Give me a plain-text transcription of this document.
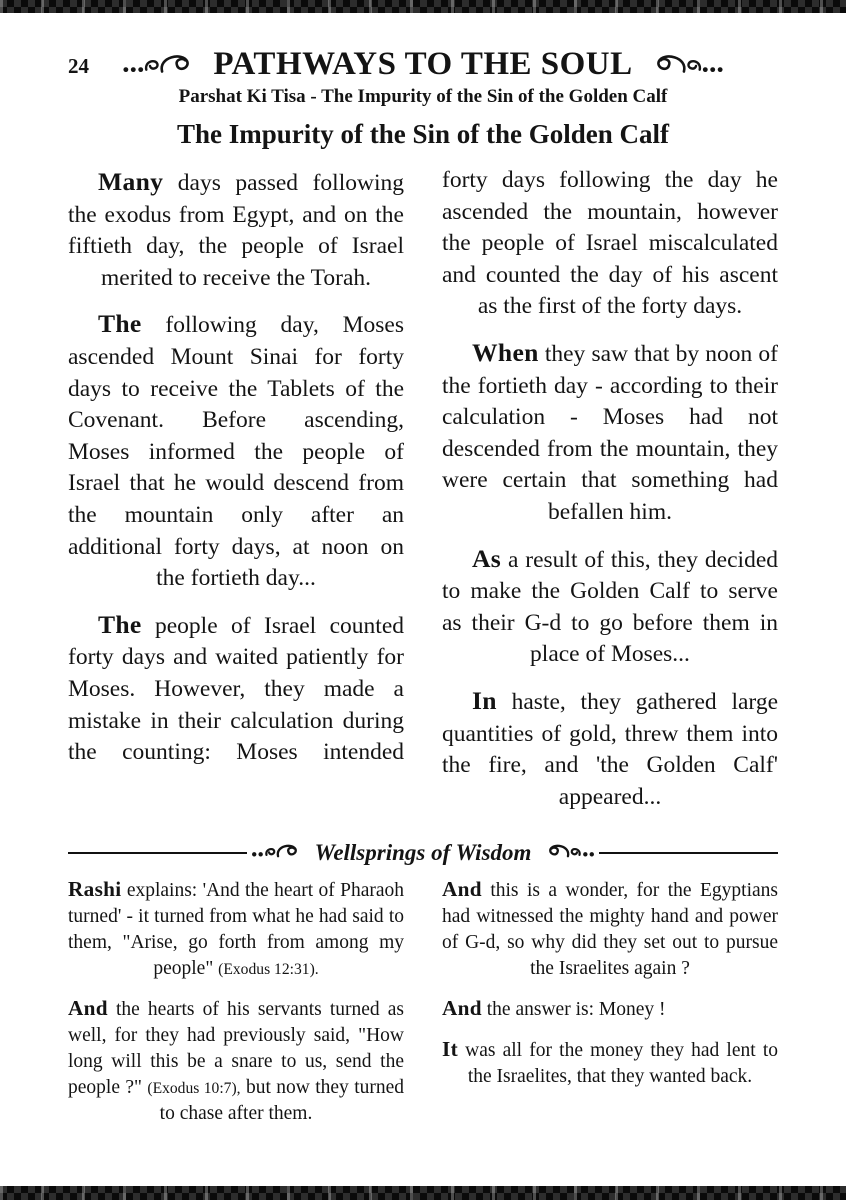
24	PATHWAYS TO THE SOUL
Parshat Ki Tisa - The Impurity of the Sin of the Golden Calf
The Impurity of the Sin of the Golden Calf

Many days passed following the exodus from Egypt, and on the fiftieth day, the people of Israel merited to receive the Torah.

The following day, Moses ascended Mount Sinai for forty days to receive the Tablets of the Covenant. Before ascending, Moses informed the people of Israel that he would descend from the mountain only after an additional forty days, at noon on the fortieth day...

The people of Israel counted forty days and waited patiently for Moses. However, they made a mistake in their calculation during the counting: Moses intended

forty days following the day he ascended the mountain, however the people of Israel miscalculated and counted the day of his ascent as the first of the forty days.

When they saw that by noon of the fortieth day - according to their calculation - Moses had not descended from the mountain, they were certain that something had befallen him.

As a result of this, they decided to make the Golden Calf to serve as their G-d to go before them in place of Moses...

In haste, they gathered large quantities of gold, threw them into the fire, and 'the Golden Calf' appeared...

Wellsprings of Wisdom

Rashi explains: 'And the heart of Pharaoh turned' - it turned from what he had said to them, "Arise, go forth from among my people" (Exodus 12:31).

And the hearts of his servants turned as well, for they had previously said, "How long will this be a snare to us, send the people ?" (Exodus 10:7), but now they turned to chase after them.

And this is a wonder, for the Egyptians had witnessed the mighty hand and power of G-d, so why did they set out to pursue the Israelites again ?

And the answer is: Money !

It was all for the money they had lent to the Israelites, that they wanted back.
